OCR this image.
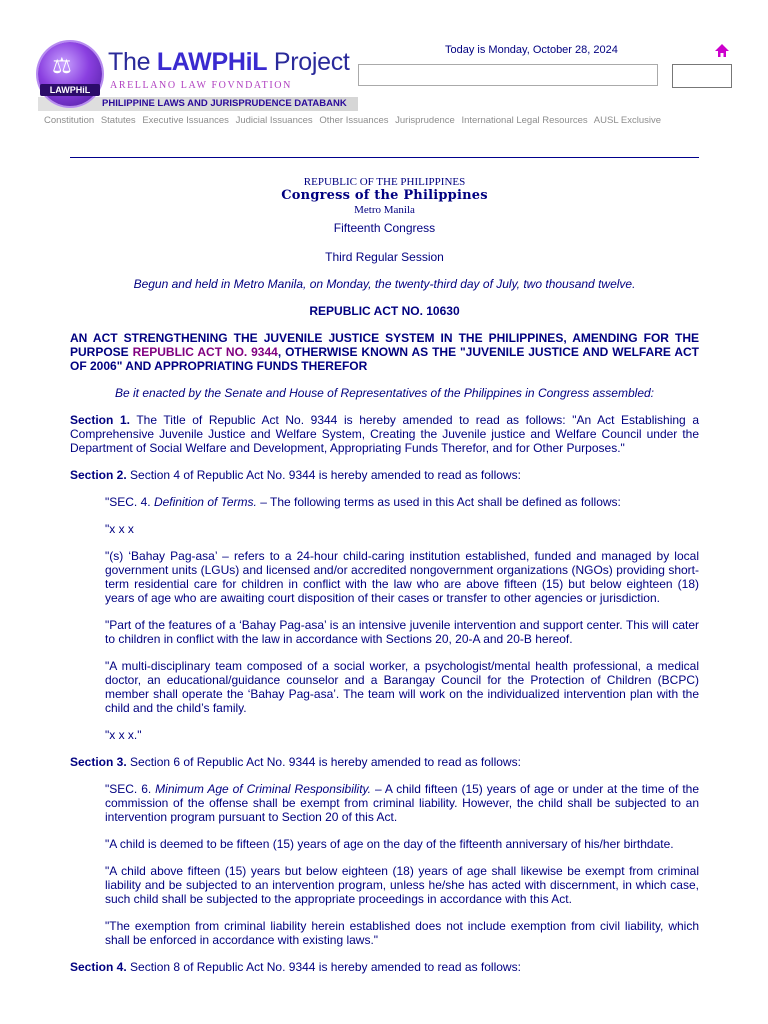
⚖
LAWPHiL
The LAWPHiL Project
ARELLANO LAW FOVNDATION
PHILIPPINE LAWS AND JURISPRUDENCE DATABANK
Today is Monday, October 28, 2024
Constitution Statutes Executive Issuances Judicial Issuances Other Issuances Jurisprudence International Legal Resources AUSL Exclusive

REPUBLIC OF THE PHILIPPINES

Congress of the Philippines

Metro Manila

Fifteenth Congress

Third Regular Session

Begun and held in Metro Manila, on Monday, the twenty-third day of July, two thousand twelve.

REPUBLIC ACT NO. 10630

AN ACT STRENGTHENING THE JUVENILE JUSTICE SYSTEM IN THE PHILIPPINES, AMENDING FOR THE PURPOSE REPUBLIC ACT NO. 9344, OTHERWISE KNOWN AS THE "JUVENILE JUSTICE AND WELFARE ACT OF 2006" AND APPROPRIATING FUNDS THEREFOR

Be it enacted by the Senate and House of Representatives of the Philippines in Congress assembled:

Section 1. The Title of Republic Act No. 9344 is hereby amended to read as follows: "An Act Establishing a Comprehensive Juvenile Justice and Welfare System, Creating the Juvenile justice and Welfare Council under the Department of Social Welfare and Development, Appropriating Funds Therefor, and for Other Purposes."

Section 2. Section 4 of Republic Act No. 9344 is hereby amended to read as follows:

"SEC. 4. Definition of Terms. – The following terms as used in this Act shall be defined as follows:

"x x x

"(s) ‘Bahay Pag-asa’ – refers to a 24-hour child-caring institution established, funded and managed by local government units (LGUs) and licensed and/or accredited nongovernment organizations (NGOs) providing short-term residential care for children in conflict with the law who are above fifteen (15) but below eighteen (18) years of age who are awaiting court disposition of their cases or transfer to other agencies or jurisdiction.

"Part of the features of a ‘Bahay Pag-asa’ is an intensive juvenile intervention and support center. This will cater to children in conflict with the law in accordance with Sections 20, 20-A and 20-B hereof.

"A multi-disciplinary team composed of a social worker, a psychologist/mental health professional, a medical doctor, an educational/guidance counselor and a Barangay Council for the Protection of Children (BCPC) member shall operate the ‘Bahay Pag-asa’. The team will work on the individualized intervention plan with the child and the child’s family.

"x x x."

Section 3. Section 6 of Republic Act No. 9344 is hereby amended to read as follows:

"SEC. 6. Minimum Age of Criminal Responsibility. – A child fifteen (15) years of age or under at the time of the commission of the offense shall be exempt from criminal liability. However, the child shall be subjected to an intervention program pursuant to Section 20 of this Act.

"A child is deemed to be fifteen (15) years of age on the day of the fifteenth anniversary of his/her birthdate.

"A child above fifteen (15) years but below eighteen (18) years of age shall likewise be exempt from criminal liability and be subjected to an intervention program, unless he/she has acted with discernment, in which case, such child shall be subjected to the appropriate proceedings in accordance with this Act.

"The exemption from criminal liability herein established does not include exemption from civil liability, which shall be enforced in accordance with existing laws."

Section 4. Section 8 of Republic Act No. 9344 is hereby amended to read as follows:
